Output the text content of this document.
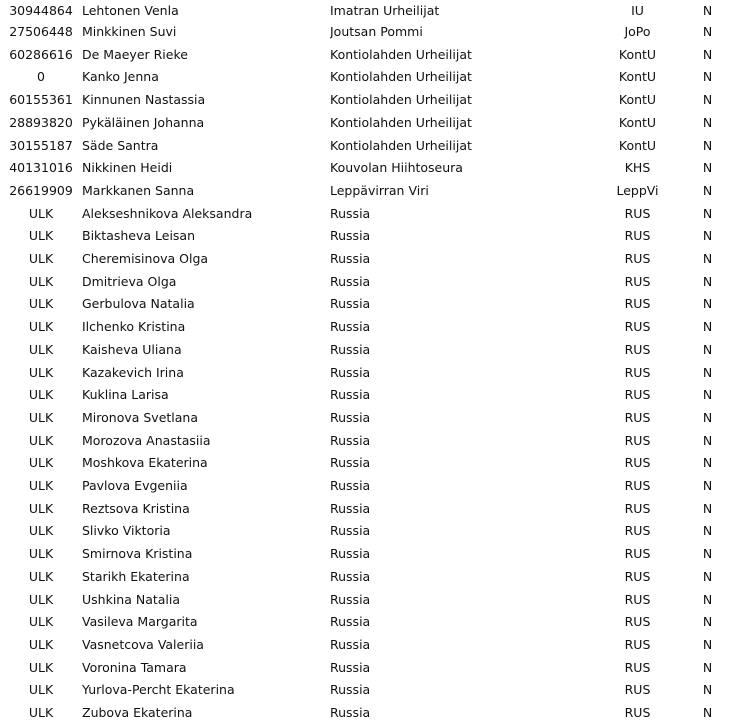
30944864	Lehtonen Venla	Imatran Urheilijat	IU	N
27506448	Minkkinen Suvi	Joutsan Pommi	JoPo	N
60286616	De Maeyer Rieke	Kontiolahden Urheilijat	KontU	N
0	Kanko Jenna	Kontiolahden Urheilijat	KontU	N
60155361	Kinnunen Nastassia	Kontiolahden Urheilijat	KontU	N
28893820	Pykäläinen Johanna	Kontiolahden Urheilijat	KontU	N
30155187	Säde Santra	Kontiolahden Urheilijat	KontU	N
40131016	Nikkinen Heidi	Kouvolan Hiihtoseura	KHS	N
26619909	Markkanen Sanna	Leppävirran Viri	LeppVi	N
ULK	Alekseshnikova Aleksandra	Russia	RUS	N
ULK	Biktasheva Leisan	Russia	RUS	N
ULK	Cheremisinova Olga	Russia	RUS	N
ULK	Dmitrieva Olga	Russia	RUS	N
ULK	Gerbulova Natalia	Russia	RUS	N
ULK	Ilchenko Kristina	Russia	RUS	N
ULK	Kaisheva Uliana	Russia	RUS	N
ULK	Kazakevich Irina	Russia	RUS	N
ULK	Kuklina Larisa	Russia	RUS	N
ULK	Mironova Svetlana	Russia	RUS	N
ULK	Morozova Anastasiia	Russia	RUS	N
ULK	Moshkova Ekaterina	Russia	RUS	N
ULK	Pavlova Evgeniia	Russia	RUS	N
ULK	Reztsova Kristina	Russia	RUS	N
ULK	Slivko Viktoria	Russia	RUS	N
ULK	Smirnova Kristina	Russia	RUS	N
ULK	Starikh Ekaterina	Russia	RUS	N
ULK	Ushkina Natalia	Russia	RUS	N
ULK	Vasileva Margarita	Russia	RUS	N
ULK	Vasnetcova Valeriia	Russia	RUS	N
ULK	Voronina Tamara	Russia	RUS	N
ULK	Yurlova-Percht Ekaterina	Russia	RUS	N
ULK	Zubova Ekaterina	Russia	RUS	N
